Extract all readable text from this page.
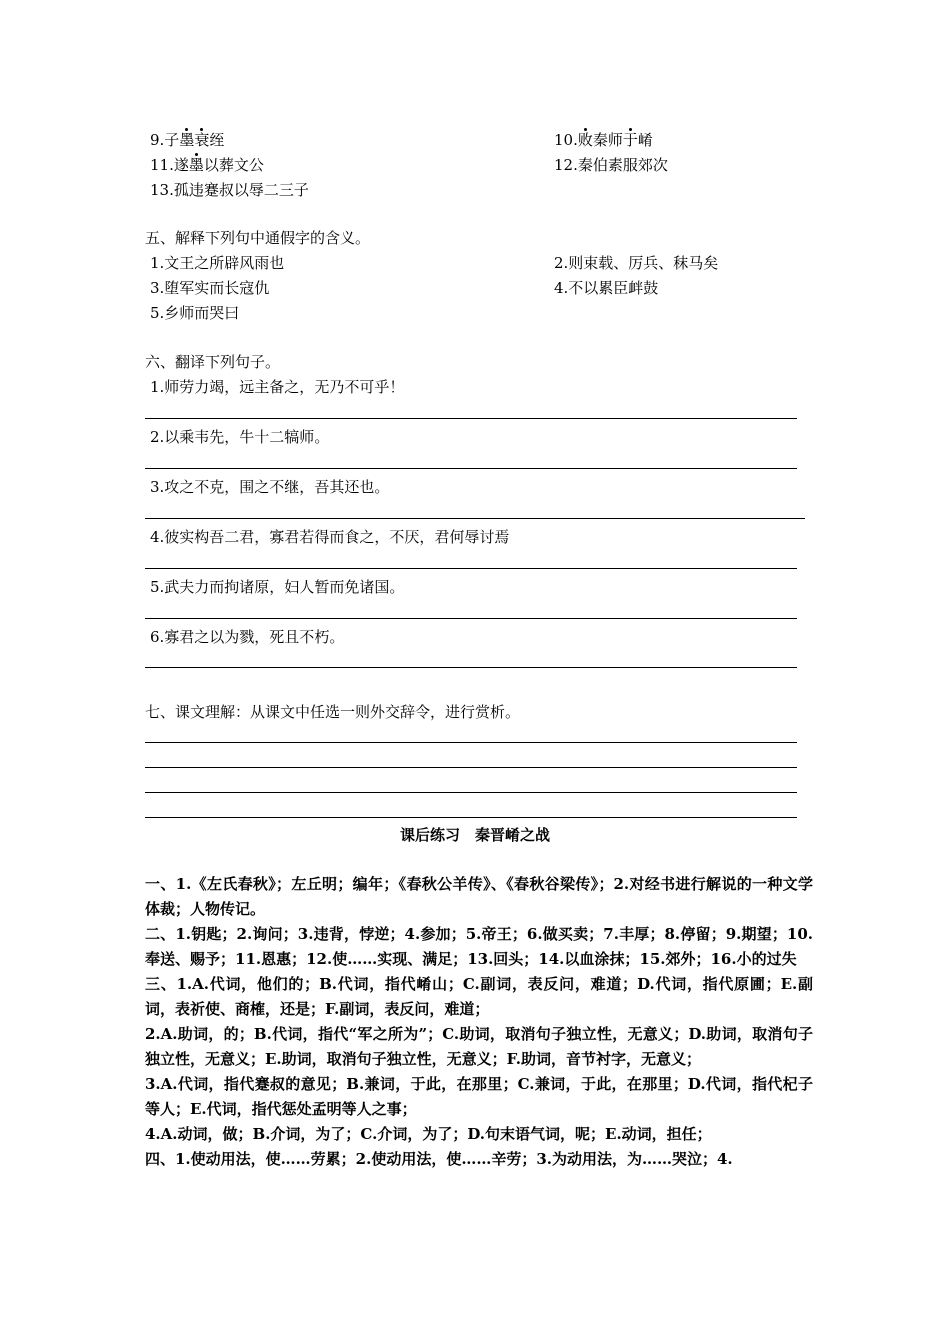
9.子墨衰绖	10.败秦师于崤
11.遂墨以葬文公	12.秦伯素服郊次
13.孤违蹇叔以辱二三子
五、解释下列句中通假字的含义。
1.文王之所辟风雨也	2.则束载、厉兵、秣马矣
3.堕军实而长寇仇	4.不以累臣衅鼓
5.乡师而哭曰
六、翻译下列句子。
1.师劳力竭，远主备之，无乃不可乎！
2.以乘韦先，牛十二犒师。
3.攻之不克，围之不继，吾其还也。
4.彼实构吾二君，寡君若得而食之，不厌，君何辱讨焉
5.武夫力而拘诸原，妇人暂而免诸国。
6.寡君之以为戮，死且不朽。
七、课文理解：从课文中任选一则外交辞令，进行赏析。
课后练习　秦晋崤之战

一、1.《左氏春秋》；左丘明；编年；《春秋公羊传》、《春秋谷梁传》；2.对经书进行解说的一种文学体裁；人物传记。

二、1.钥匙；2.询问；3.违背，悖逆；4.参加；5.帝王；6.做买卖；7.丰厚；8.停留；9.期望；10.奉送、赐予；11.恩惠；12.使……实现、满足；13.回头；14.以血涂抹；15.郊外；16.小的过失

三、1.A.代词，他们的；B.代词，指代崤山；C.副词，表反问，难道；D.代词，指代原圃；E.副词，表祈使、商榷，还是；F.副词，表反问，难道；

2.A.助词，的；B.代词，指代“军之所为”；C.助词，取消句子独立性，无意义；D.助词，取消句子独立性，无意义；E.助词，取消句子独立性，无意义；F.助词，音节衬字，无意义；

3.A.代词，指代蹇叔的意见；B.兼词，于此，在那里；C.兼词，于此，在那里；D.代词，指代杞子等人；E.代词，指代惩处孟明等人之事；

4.A.动词，做；B.介词，为了；C.介词，为了；D.句末语气词，呢；E.动词，担任；

四、1.使动用法，使……劳累；2.使动用法，使……辛劳；3.为动用法，为……哭泣；4.
